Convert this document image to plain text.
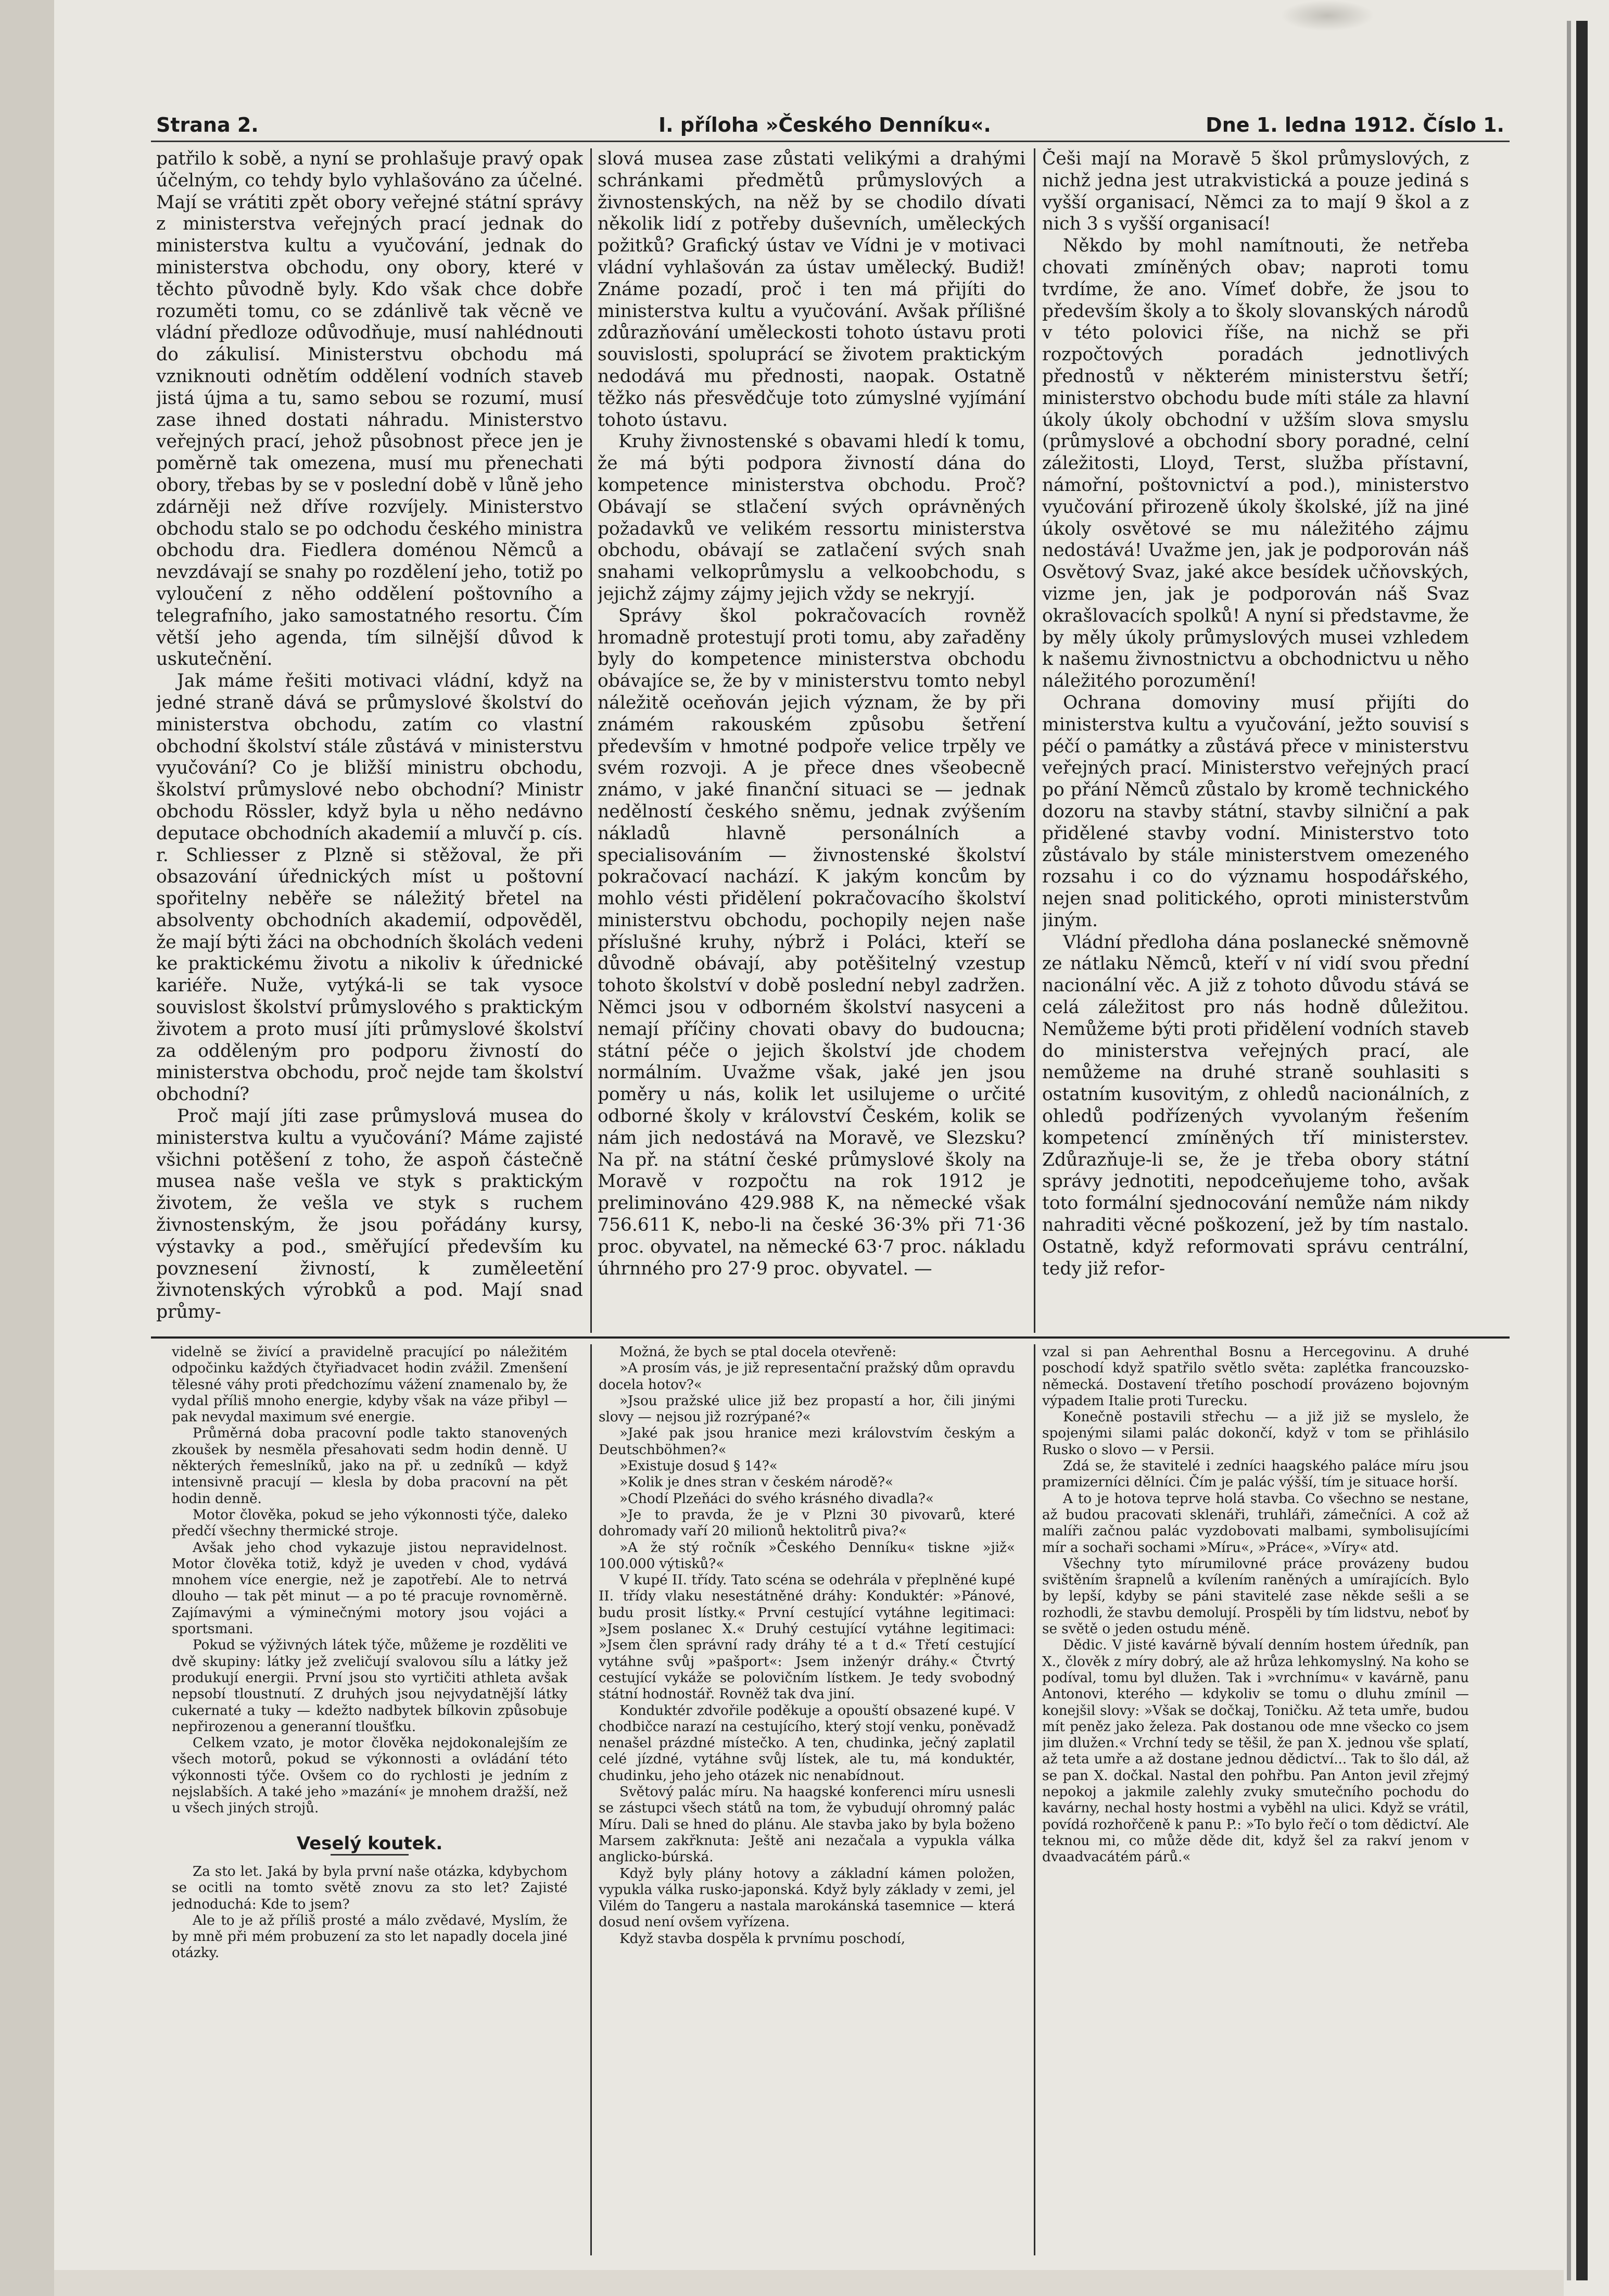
Strana 2.	I. příloha »Českého Denníku«.	Dne 1. ledna 1912. Číslo 1.

patřilo k sobě, a nyní se prohlašuje pravý opak účelným, co tehdy bylo vyhlašováno za účelné. Mají se vrátiti zpět obory veřejné státní správy z ministerstva veřejných prací jednak do ministerstva kultu a vyučování, jednak do ministerstva obchodu, ony obory, které v těchto původně byly. Kdo však chce dobře rozuměti tomu, co se zdánlivě tak věcně ve vládní předloze odůvodňuje, musí nahlédnouti do zákulisí. Ministerstvu obchodu má vzniknouti odnětím oddělení vodních staveb jistá újma a tu, samo sebou se rozumí, musí zase ihned dostati náhradu. Ministerstvo veřejných prací, jehož působnost přece jen je poměrně tak omezena, musí mu přenechati obory, třebas by se v poslední době v lůně jeho zdárněji než dříve rozvíjely. Ministerstvo obchodu stalo se po odchodu českého ministra obchodu dra. Fiedlera doménou Němců a nevzdávají se snahy po rozdělení jeho, totiž po vyloučení z něho oddělení poštovního a telegrafního, jako samostatného resortu. Čím větší jeho agenda, tím silnější důvod k uskutečnění.

Jak máme řešiti motivaci vládní, když na jedné straně dává se průmyslové školství do ministerstva obchodu, zatím co vlastní obchodní školství stále zůstává v ministerstvu vyučování? Co je bližší ministru obchodu, školství průmyslové nebo obchodní? Ministr obchodu Rössler, když byla u něho nedávno deputace obchodních akademií a mluvčí p. cís. r. Schliesser z Plzně si stěžoval, že při obsazování úřednických míst u poštovní spořitelny neběře se náležitý břetel na absolventy obchodních akademií, odpověděl, že mají býti žáci na obchodních školách vedeni ke praktickému životu a nikoliv k úřednické kariéře. Nuže, vytýká-li se tak vysoce souvislost školství průmyslového s praktickým životem a proto musí jíti průmyslové školství za odděleným pro podporu živností do ministerstva obchodu, proč nejde tam školství obchodní?

Proč mají jíti zase průmyslová musea do ministerstva kultu a vyučování? Máme zajisté všichni potěšení z toho, že aspoň částečně musea naše vešla ve styk s praktickým životem, že vešla ve styk s ruchem živnostenským, že jsou pořádány kursy, výstavky a pod., směřující především ku povznesení živností, k zuměleetění živnotenských výrobků a pod. Mají snad průmy-

slová musea zase zůstati velikými a drahými schránkami předmětů průmyslových a živnostenských, na něž by se chodilo dívati několik lidí z potřeby duševních, uměleckých požitků? Grafický ústav ve Vídni je v motivaci vládní vyhlašován za ústav umělecký. Budiž! Známe pozadí, proč i ten má přijíti do ministerstva kultu a vyučování. Avšak přílišné zdůrazňování uměleckosti tohoto ústavu proti souvislosti, spoluprácí se životem praktickým nedodává mu přednosti, naopak. Ostatně těžko nás přesvědčuje toto zúmyslné vyjímání tohoto ústavu.

Kruhy živnostenské s obavami hledí k tomu, že má býti podpora živností dána do kompetence ministerstva obchodu. Proč? Obávají se stlačení svých oprávněných požadavků ve velikém ressortu ministerstva obchodu, obávají se zatlačení svých snah snahami velkoprůmyslu a velkoobchodu, s jejichž zájmy zájmy jejich vždy se nekryjí.

Správy škol pokračovacích rovněž hromadně protestují proti tomu, aby zařaděny byly do kompetence ministerstva obchodu obávajíce se, že by v ministerstvu tomto nebyl náležitě oceňován jejich význam, že by při známém rakouském způsobu šetření především v hmotné podpoře velice trpěly ve svém rozvoji. A je přece dnes všeobecně známo, v jaké finanční situaci se — jednak nedělností českého sněmu, jednak zvýšením nákladů hlavně personálních a specialisováním — živnostenské školství pokračovací nachází. K jakým koncům by mohlo vésti přidělení pokračovacího školství ministerstvu obchodu, pochopily nejen naše příslušné kruhy, nýbrž i Poláci, kteří se důvodně obávají, aby potěšitelný vzestup tohoto školství v době poslední nebyl zadržen. Němci jsou v odborném školství nasyceni a nemají příčiny chovati obavy do budoucna; státní péče o jejich školství jde chodem normálním. Uvažme však, jaké jen jsou poměry u nás, kolik let usilujeme o určité odborné školy v království Českém, kolik se nám jich nedostává na Moravě, ve Slezsku? Na př. na státní české průmyslové školy na Moravě v rozpočtu na rok 1912 je preliminováno 429.988 K, na německé však 756.611 K, nebo-li na české 36·3% při 71·36 proc. obyvatel, na německé 63·7 proc. nákladu úhrnného pro 27·9 proc. obyvatel. —

Češi mají na Moravě 5 škol průmyslových, z nichž jedna jest utrakvistická a pouze jediná s vyšší organisací, Němci za to mají 9 škol a z nich 3 s vyšší organisací!

Někdo by mohl namítnouti, že netřeba chovati zmíněných obav; naproti tomu tvrdíme, že ano. Vímeť dobře, že jsou to především školy a to školy slovanských národů v této polovici říše, na nichž se při rozpočtových poradách jednotlivých přednostů v některém ministerstvu šetří; ministerstvo obchodu bude míti stále za hlavní úkoly úkoly obchodní v užším slova smyslu (průmyslové a obchodní sbory poradné, celní záležitosti, Lloyd, Terst, služba přístavní, námořní, poštovnictví a pod.), ministerstvo vyučování přirozeně úkoly školské, jíž na jiné úkoly osvětové se mu náležitého zájmu nedostává! Uvažme jen, jak je podporován náš Osvětový Svaz, jaké akce besídek učňovských, vizme jen, jak je podporován náš Svaz okrašlovacích spolků! A nyní si představme, že by měly úkoly průmyslových musei vzhledem k našemu živnostnictvu a obchodnictvu u něho náležitého porozumění!

Ochrana domoviny musí přijíti do ministerstva kultu a vyučování, ježto souvisí s péčí o památky a zůstává přece v ministerstvu veřejných prací. Ministerstvo veřejných prací po přání Němců zůstalo by kromě technického dozoru na stavby státní, stavby silniční a pak přidělené stavby vodní. Ministerstvo toto zůstávalo by stále ministerstvem omezeného rozsahu i co do významu hospodářského, nejen snad politického, oproti ministerstvům jiným.

Vládní předloha dána poslanecké sněmovně ze nátlaku Němců, kteří v ní vidí svou přední nacionální věc. A již z tohoto důvodu stává se celá záležitost pro nás hodně důležitou. Nemůžeme býti proti přidělení vodních staveb do ministerstva veřejných prací, ale nemůžeme na druhé straně souhlasiti s ostatním kusovitým, z ohledů nacionálních, z ohledů podřízených vyvolaným řešením kompetencí zmíněných tří ministerstev. Zdůrazňuje-li se, že je třeba obory státní správy jednotiti, nepodceňujeme toho, avšak toto formální sjednocování nemůže nám nikdy nahraditi věcné poškození, jež by tím nastalo. Ostatně, když reformovati správu centrální, tedy již refor-

videlně se živící a pravidelně pracující po náležitém odpočinku každých čtyřiadvacet hodin zvážil. Zmenšení tělesné váhy proti předchozímu vážení znamenalo by, že vydal příliš mnoho energie, kdyby však na váze přibyl — pak nevydal maximum své energie.

Průměrná doba pracovní podle takto stanovených zkoušek by nesměla přesahovati sedm hodin denně. U některých řemeslníků, jako na př. u zedníků — když intensivně pracují — klesla by doba pracovní na pět hodin denně.

Motor člověka, pokud se jeho výkonnosti týče, daleko předčí všechny thermické stroje.

Avšak jeho chod vykazuje jistou nepravidelnost. Motor člověka totiž, když je uveden v chod, vydává mnohem více energie, než je zapotřebí. Ale to netrvá dlouho — tak pět minut — a po té pracuje rovnoměrně. Zajímavými a výminečnými motory jsou vojáci a sportsmani.

Pokud se výživných látek týče, můžeme je rozděliti ve dvě skupiny: látky jež zveličují svalovou sílu a látky jež produkují energii. První jsou sto vyrtičiti athleta avšak nepsobí tloustnutí. Z druhých jsou nejvydatnější látky cukernaté a tuky — kdežto nadbytek bílkovin způsobuje nepřirozenou a generanní tloušťku.

Celkem vzato, je motor člověka nejdokonalejším ze všech motorů, pokud se výkonnosti a ovládání této výkonnosti týče. Ovšem co do rychlosti je jedním z nejslabších. A také jeho »mazání« je mnohem dražší, než u všech jiných strojů.

Veselý koutek.

Za sto let. Jaká by byla první naše otázka, kdybychom se ocitli na tomto světě znovu za sto let? Zajisté jednoduchá: Kde to jsem?

Ale to je až příliš prosté a málo zvědavé, Myslím, že by mně při mém probuzení za sto let napadly docela jiné otázky.

Možná, že bych se ptal docela otevřeně:

»A prosím vás, je již representační pražský dům opravdu docela hotov?«

»Jsou pražské ulice již bez propastí a hor, čili jinými slovy — nejsou již rozrýpané?«

»Jaké pak jsou hranice mezi královstvím českým a Deutschböhmen?«

»Existuje dosud § 14?«

»Kolik je dnes stran v českém národě?«

»Chodí Plzeňáci do svého krásného divadla?«

»Je to pravda, že je v Plzni 30 pivovarů, které dohromady vaří 20 milionů hektolitrů piva?«

»A že stý ročník »Českého Denníku« tiskne »již« 100.000 výtisků?«

V kupé II. třídy. Tato scéna se odehrála v přeplněné kupé II. třídy vlaku nesestátněné dráhy: Konduktér: »Pánové, budu prosit lístky.« První cestující vytáhne legitimaci: »Jsem poslanec X.« Druhý cestující vytáhne legitimaci: »Jsem člen správní rady dráhy té a t d.« Třetí cestující vytáhne svůj »pašport«: Jsem inženýr dráhy.« Čtvrtý cestující vykáže se polovičním lístkem. Je tedy svobodný státní hodnostář. Rovněž tak dva jiní.

Konduktér zdvořile poděkuje a opouští obsazené kupé. V chodbičce narazí na cestujícího, který stojí venku, poněvadž nenašel prázdné místečko. A ten, chudinka, ječný zaplatil celé jízdné, vytáhne svůj lístek, ale tu, má konduktér, chudinku, jeho jeho otázek nic nenabídnout.

Světový palác míru. Na haagské konferenci míru usnesli se zástupci všech států na tom, že vybudují ohromný palác Míru. Dali se hned do plánu. Ale stavba jako by byla boženo Marsem zakřknuta: Ještě ani nezačala a vypukla válka anglicko-búrská.

Když byly plány hotovy a základní kámen položen, vypukla válka rusko-japonská. Když byly základy v zemi, jel Vilém do Tangeru a nastala marokánská tasemnice — která dosud není ovšem vyřízena.

Když stavba dospěla k prvnímu poschodí,

vzal si pan Aehrenthal Bosnu a Hercegovinu. A druhé poschodí když spatřilo světlo světa: zaplétka francouzsko-německá. Dostavení třetího poschodí provázeno bojovným výpadem Italie proti Turecku.

Konečně postavili střechu — a již již se myslelo, že spojenými silami palác dokončí, když v tom se přihlásilo Rusko o slovo — v Persii.

Zdá se, že stavitelé i zedníci haagského paláce míru jsou pramizerníci dělníci. Čím je palác výšší, tím je situace horší.

A to je hotova teprve holá stavba. Co všechno se nestane, až budou pracovati sklenáři, truhláři, zámečníci. A což až malíři začnou palác vyzdobovati malbami, symbolisujícími mír a sochaři sochami »Míru«, »Práce«, »Víry« atd.

Všechny tyto mírumilovné práce provázeny budou svištěním šrapnelů a kvílením raněných a umírajících. Bylo by lepší, kdyby se páni stavitelé zase někde sešli a se rozhodli, že stavbu demolují. Prospěli by tím lidstvu, neboť by se světě o jeden ostudu méně.

Dědic. V jisté kavárně bývalí denním hostem úředník, pan X., člověk z míry dobrý, ale až hrůza lehkomyslný. Na koho se podíval, tomu byl dlužen. Tak i »vrchnímu« v kavárně, panu Antonovi, kterého — kdykoliv se tomu o dluhu zmínil — konejšil slovy: »Však se dočkaj, Toničku. Až teta umře, budou mít peněz jako železa. Pak dostanou ode mne všecko co jsem jim dlužen.« Vrchní tedy se těšil, že pan X. jednou vše splatí, až teta umře a až dostane jednou dědictví... Tak to šlo dál, až se pan X. dočkal. Nastal den pohřbu. Pan Anton jevil zřejmý nepokoj a jakmile zalehly zvuky smutečního pochodu do kavárny, nechal hosty hostmi a vyběhl na ulici. Když se vrátil, povídá rozhořčeně k panu P.: »To bylo řečí o tom dědictví. Ale teknou mi, co může děde dit, když šel za rakví jenom v dvaadvacátém párů.«
